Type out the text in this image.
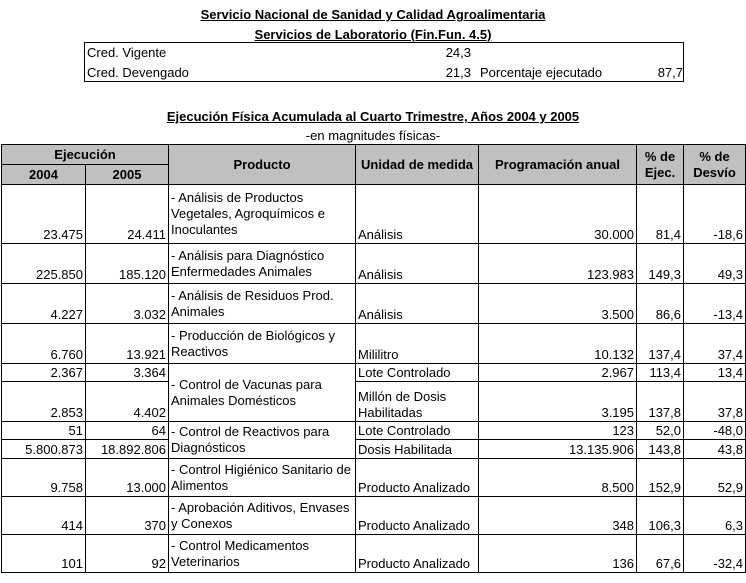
Servicio Nacional de Sanidad y Calidad Agroalimentaria
Servicios de Laboratorio (Fin.Fun. 4.5)
Cred. Vigente	24,3
Cred. Devengado	21,3 Porcentaje ejecutado	87,7
Ejecución Física Acumulada al Cuarto Trimestre, Años 2004 y 2005
-en magnitudes físicas-
Ejecución		Producto	Unidad de medida	Programación anual	% de Ejec.	% de Desvío
2004	2005					
23.475	24.411	- Análisis de Productos Vegetales, Agroquímicos e Inoculantes	Análisis	30.000	81,4	-18,6
225.850	185.120	- Análisis para Diagnóstico Enfermedades Animales	Análisis	123.983	149,3	49,3
4.227	3.032	- Análisis de Residuos Prod. Animales	Análisis	3.500	86,6	-13,4
6.760	13.921	- Producción de Biológicos y Reactivos	Mililitro	10.132	137,4	37,4
2.367	3.364	- Control de Vacunas para Animales Domésticos	Lote Controlado	2.967	113,4	13,4
2.853	4.402		Millón de Dosis Habilitadas	3.195	137,8	37,8
51	64	- Control de Reactivos para Diagnósticos	Lote Controlado	123	52,0	-48,0
5.800.873	18.892.806		Dosis Habilitada	13.135.906	143,8	43,8
9.758	13.000	- Control Higiénico Sanitario de Alimentos	Producto Analizado	8.500	152,9	52,9
414	370	- Aprobación Aditivos, Envases y Conexos	Producto Analizado	348	106,3	6,3
101	92	- Control Medicamentos Veterinarios	Producto Analizado	136	67,6	-32,4
